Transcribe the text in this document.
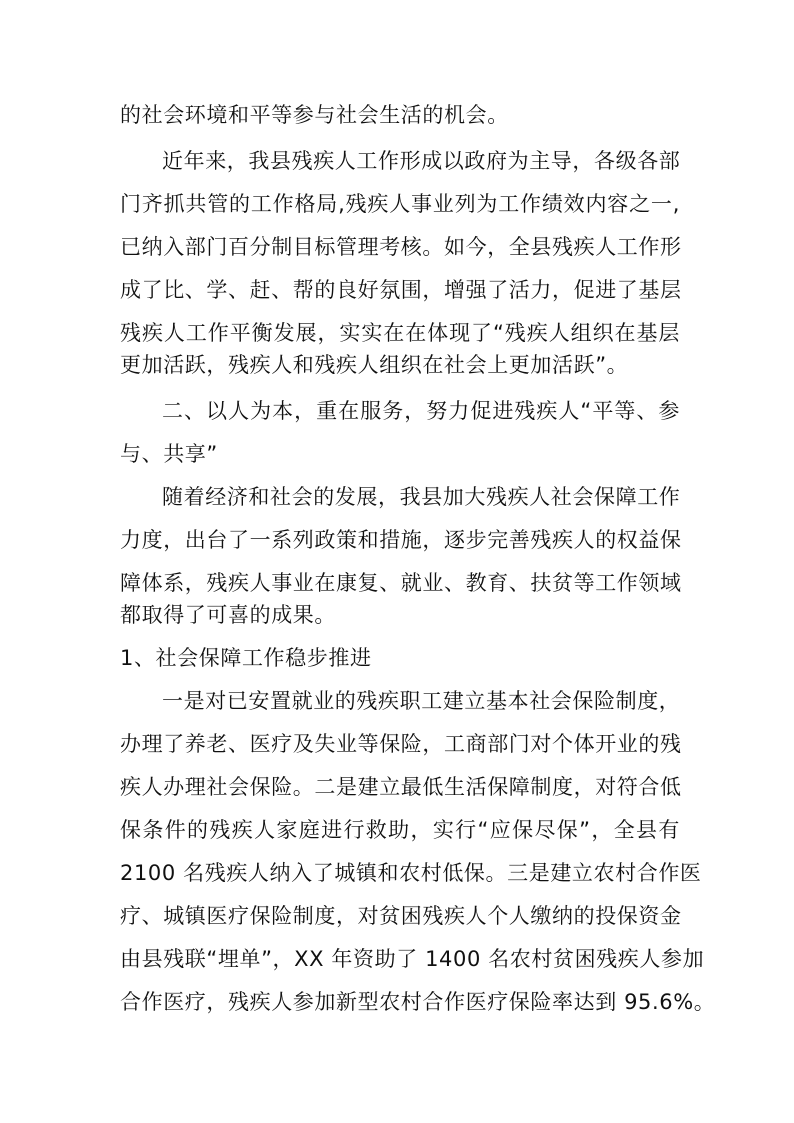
的社会环境和平等参与社会生活的机会。
近年来，我县残疾人工作形成以政府为主导，各级各部
门齐抓共管的工作格局,残疾人事业列为工作绩效内容之一,
已纳入部门百分制目标管理考核。如今，全县残疾人工作形
成了比、学、赶、帮的良好氛围，增强了活力，促进了基层
残疾人工作平衡发展，实实在在体现了“残疾人组织在基层
更加活跃，残疾人和残疾人组织在社会上更加活跃”。
二、以人为本，重在服务，努力促进残疾人“平等、参
与、共享”
随着经济和社会的发展，我县加大残疾人社会保障工作
力度，出台了一系列政策和措施，逐步完善残疾人的权益保
障体系，残疾人事业在康复、就业、教育、扶贫等工作领域
都取得了可喜的成果。
1、社会保障工作稳步推进
一是对已安置就业的残疾职工建立基本社会保险制度，
办理了养老、医疗及失业等保险，工商部门对个体开业的残
疾人办理社会保险。二是建立最低生活保障制度，对符合低
保条件的残疾人家庭进行救助，实行“应保尽保”，全县有
2100 名残疾人纳入了城镇和农村低保。三是建立农村合作医
疗、城镇医疗保险制度，对贫困残疾人个人缴纳的投保资金
由县残联“埋单”，XX 年资助了 1400 名农村贫困残疾人参加
合作医疗，残疾人参加新型农村合作医疗保险率达到 95.6%。
